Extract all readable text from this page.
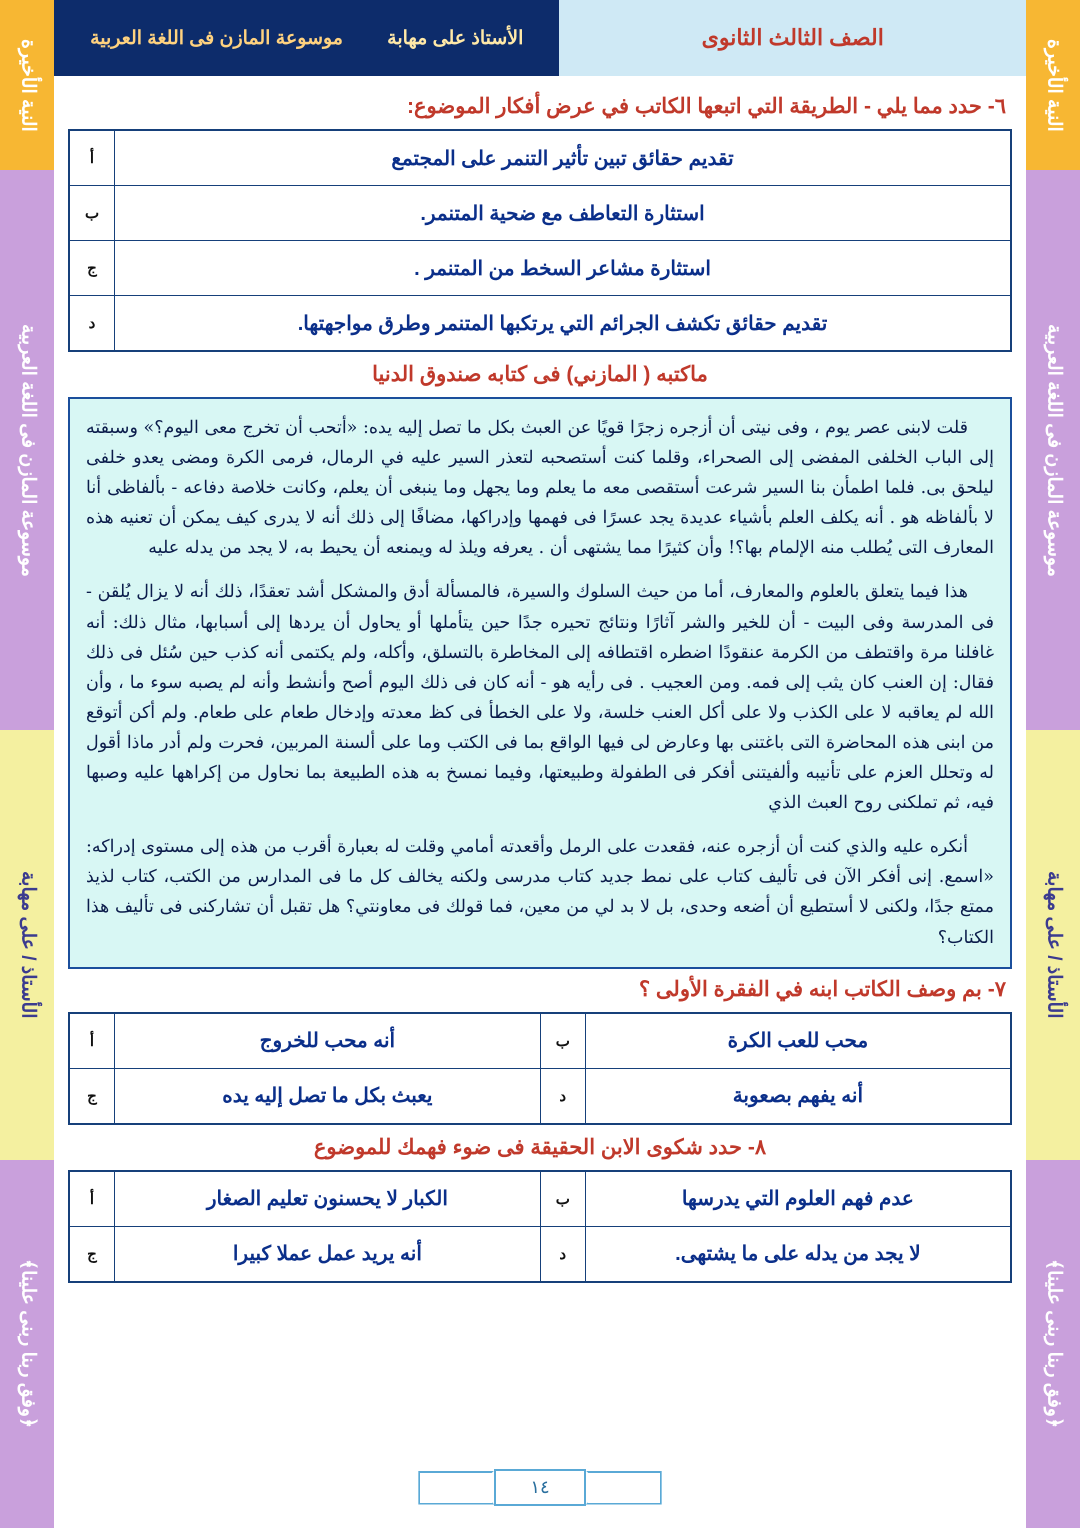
النية الأخيرة
موسوعة المازن فى اللغة العربية
الأستاذ / على مهابة
﴿وفق ربنا ربنى علينا﴾
النية الأخيرة
موسوعة المازن فى اللغة العربية
الأستاذ / على مهابة
﴿وفق ربنا ربنى علينا﴾
الصف الثالث الثانوى
الأستاذ على مهابة
موسوعة المازن فى اللغة العربية
٦- حدد مما يلي - الطريقة التي اتبعها الكاتب في عرض أفكار الموضوع:
تقديم حقائق تبين تأثير التنمر على المجتمع	أ
استثارة التعاطف مع ضحية المتنمر.	ب
استثارة مشاعر السخط من المتنمر .	ج
تقديم حقائق تكشف الجرائم التي يرتكبها المتنمر وطرق مواجهتها.	د
ماكتبه ( المازني) فى كتابه صندوق الدنيا

قلت لابنى عصر يوم ، وفى نيتى أن أزجره زجرًا قويًا عن العبث بكل ما تصل إليه يده: «أتحب أن تخرج معى اليوم؟» وسبقته إلى الباب الخلفى المفضى إلى الصحراء، وقلما كنت أستصحبه لتعذر السير عليه في الرمال، فرمى الكرة ومضى يعدو خلفى ليلحق بى. فلما اطمأن بنا السير شرعت أستقصى معه ما يعلم وما يجهل وما ينبغى أن يعلم، وكانت خلاصة دفاعه - بألفاظى أنا لا بألفاظه هو . أنه يكلف العلم بأشياء عديدة يجد عسرًا فى فهمها وإدراكها، مضافًا إلى ذلك أنه لا يدرى كيف يمكن أن تعنيه هذه المعارف التى يُطلب منه الإلمام بها؟! وأن كثيرًا مما يشتهى أن . يعرفه ويلذ له ويمنعه أن يحيط به، لا يجد من يدله عليه

هذا فيما يتعلق بالعلوم والمعارف، أما من حيث السلوك والسيرة، فالمسألة أدق والمشكل أشد تعقدًا، ذلك أنه لا يزال يُلقن - فى المدرسة وفى البيت - أن للخير والشر آثارًا ونتائج تحيره جدًا حين يتأملها أو يحاول أن يردها إلى أسبابها، مثال ذلك: أنه غافلنا مرة واقتطف من الكرمة عنقودًا اضطره اقتطافه إلى المخاطرة بالتسلق، وأكله، ولم يكتمى أنه كذب حين سُئل فى ذلك فقال: إن العنب كان يثب إلى فمه. ومن العجيب . فى رأيه هو - أنه كان فى ذلك اليوم أصح وأنشط وأنه لم يصبه سوء ما ، وأن الله لم يعاقبه لا على الكذب ولا على أكل العنب خلسة، ولا على الخطأ فى كظ معدته وإدخال طعام على طعام. ولم أكن أتوقع من ابنى هذه المحاضرة التى باغتنى بها وعارض لى فيها الواقع بما فى الكتب وما على ألسنة المربين، فحرت ولم أدر ماذا أقول له وتحلل العزم على تأنيبه وألفيتنى أفكر فى الطفولة وطبيعتها، وفيما نمسخ به هذه الطبيعة بما نحاول من إكراهها عليه وصبها فيه، ثم تملكنى روح العبث الذي

أنكره عليه والذي كنت أن أزجره عنه، فقعدت على الرمل وأقعدته أمامي وقلت له بعبارة أقرب من هذه إلى مستوى إدراكه: «اسمع. إنى أفكر الآن فى تأليف كتاب على نمط جديد كتاب مدرسى ولكنه يخالف كل ما فى المدارس من الكتب، كتاب لذيذ ممتع جدًا، ولكنى لا أستطيع أن أضعه وحدى، بل لا بد لي من معين، فما قولك فى معاونتي؟ هل تقبل أن تشاركنى فى تأليف هذا الكتاب؟

٧- بم وصف الكاتب ابنه في الفقرة الأولى ؟
محب للعب الكرة	ب	أنه محب للخروج	أ
أنه يفهم بصعوبة	د	يعبث بكل ما تصل إليه يده	ج
٨- حدد شكوى الابن الحقيقة فى ضوء فهمك للموضوع
عدم فهم العلوم التي يدرسها	ب	الكبار لا يحسنون تعليم الصغار	أ
لا يجد من يدله على ما يشتهى.	د	أنه يريد عمل عملا كبيرا	ج
١٤
